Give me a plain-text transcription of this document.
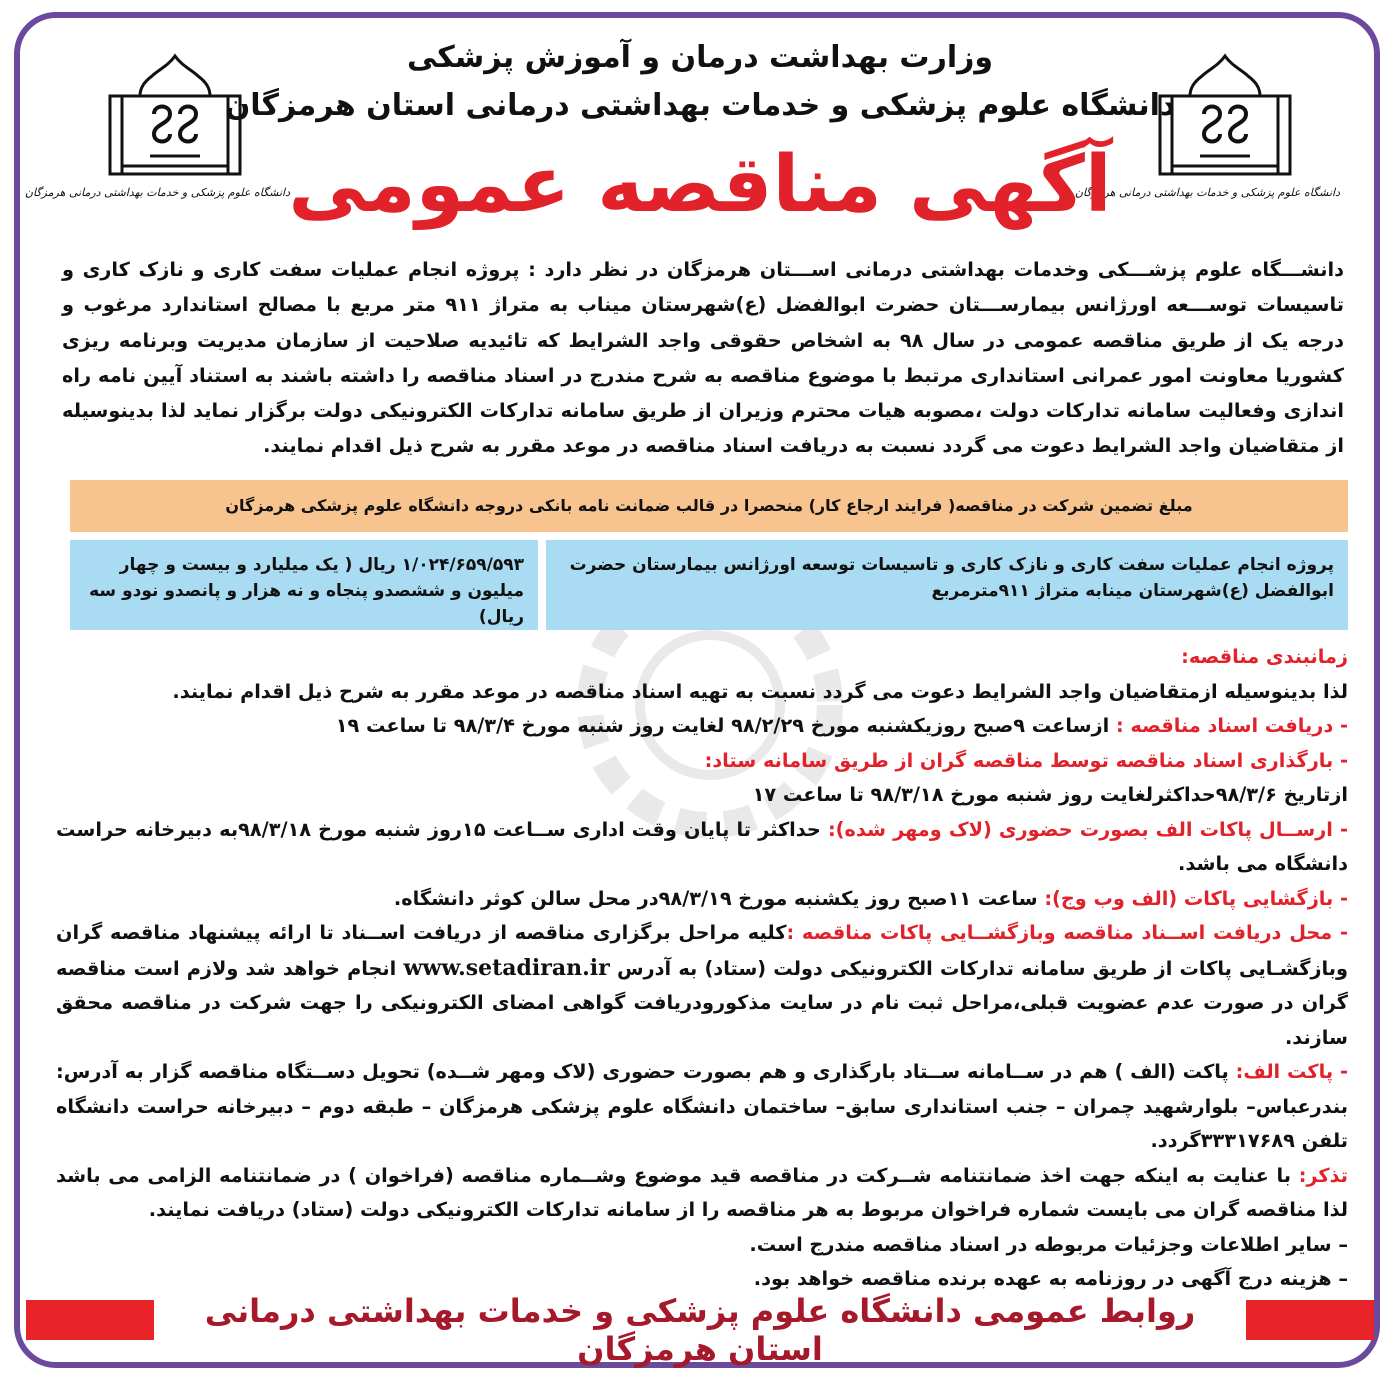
دانشگاه علوم پزشکی و خدمات بهداشتی درمانی هرمزگان
دانشگاه علوم پزشکی و خدمات بهداشتی درمانی هرمزگان
وزارت بهداشت درمان و آموزش پزشکی
دانشگاه علوم پزشکی و خدمات بهداشتی درمانی استان هرمزگان
آگهی مناقصه عمومی
دانشـــگاه علوم پزشـــکی وخدمات بهداشتی درمانی اســـتان هرمزگان در نظر دارد : پروژه انجام عملیات سفت کاری و نازک کاری و تاسیسات توســـعه اورژانس بیمارســـتان حضرت ابوالفضل (ع)شهرستان میناب به متراژ ۹۱۱ متر مربع با مصالح استاندارد مرغوب و درجه یک از طریق مناقصه عمومی در سال ۹۸ به اشخاص حقوقی واجد الشرایط که تائیدیه صلاحیت از سازمان مدیریت وبرنامه ریزی کشوریا معاونت امور عمرانی استانداری مرتبط با موضوع مناقصه به شرح مندرج در اسناد مناقصه را داشته باشند به استناد آیین نامه راه اندازی وفعالیت سامانه تدارکات دولت ،مصوبه هیات محترم وزیران از طریق سامانه تدارکات الکترونیکی دولت برگزار نماید لذا بدینوسیله از متقاضیان واجد الشرایط دعوت می گردد نسبت به دریافت اسناد مناقصه در موعد مقرر به شرح ذیل اقدام نمایند.
مبلغ تضمین شرکت در مناقصه( فرایند ارجاع کار) منحصرا در قالب ضمانت نامه بانکی دروجه دانشگاه علوم پزشکی هرمزگان
پروژه انجام عملیات سفت کاری و نازک کاری و تاسیسات توسعه اورژانس بیمارستان حضرت ابوالفضل (ع)شهرستان مینابه متراژ ۹۱۱مترمربع
۱/۰۲۴/۶۵۹/۵۹۳ ریال ( یک میلیارد و بیست و چهار میلیون و ششصدو پنجاه و نه هزار و پانصدو نودو سه ریال)

زمانبندی مناقصه:

لذا بدینوسیله ازمتقاضیان واجد الشرایط دعوت می گردد نسبت به تهیه اسناد مناقصه در موعد مقرر به شرح ذیل اقدام نمایند.

- دریافت اسناد مناقصه : ازساعت ۹صبح روزیکشنبه مورخ ۹۸/۲/۲۹ لغایت روز شنبه مورخ ۹۸/۳/۴ تا ساعت ۱۹

- بارگذاری اسناد مناقصه توسط مناقصه گران از طریق سامانه ستاد:

ازتاریخ ۹۸/۳/۶حداکثرلغایت روز شنبه مورخ ۹۸/۳/۱۸ تا ساعت ۱۷

- ارســال پاکات الف بصورت حضوری (لاک ومهر شده): حداکثر تا پایان وقت اداری ســاعت ۱۵روز شنبه مورخ ۹۸/۳/۱۸به دبیرخانه حراست دانشگاه می باشد.

- بازگشایی پاکات (الف وب وج): ساعت ۱۱صبح روز یکشنبه مورخ ۹۸/۳/۱۹در محل سالن کوثر دانشگاه.

- محل دریافت اســناد مناقصه وبازگشــایی پاکات مناقصه :کلیه مراحل برگزاری مناقصه از دریافت اســناد تا ارائه پیشنهاد مناقصه گران وبازگشـایی پاکات از طریق سامانه تدارکات الکترونیکی دولت (ستاد) به آدرس www.setadiran.ir انجام خواهد شد ولازم است مناقصه گران در صورت عدم عضویت قبلی،مراحل ثبت نام در سایت مذکورودریافت گواهی امضای الکترونیکی را جهت شرکت در مناقصه محقق سازند.

- پاکت الف: پاکت (الف ) هم در ســامانه ســتاد بارگذاری و هم بصورت حضوری (لاک ومهر شــده) تحویل دســتگاه مناقصه گزار به آدرس: بندرعباس– بلوارشهید چمران – جنب استانداری سابق– ساختمان دانشگاه علوم پزشکی هرمزگان – طبقه دوم – دبیرخانه حراست دانشگاه تلفن ۳۳۳۱۷۶۸۹گردد.

تذکر: با عنایت به اینکه جهت اخذ ضمانتنامه شــرکت در مناقصه قید موضوع وشــماره مناقصه (فراخوان ) در ضمانتنامه الزامی می باشد لذا مناقصه گران می بایست شماره فراخوان مربوط به هر مناقصه را از سامانه تدارکات الکترونیکی دولت (ستاد) دریافت نمایند.

– سایر اطلاعات وجزئیات مربوطه در اسناد مناقصه مندرج است.

– هزینه درج آگهی در روزنامه به عهده برنده مناقصه خواهد بود.

روابط عمومی دانشگاه علوم پزشکی و خدمات بهداشتی درمانی استان هرمزگان
